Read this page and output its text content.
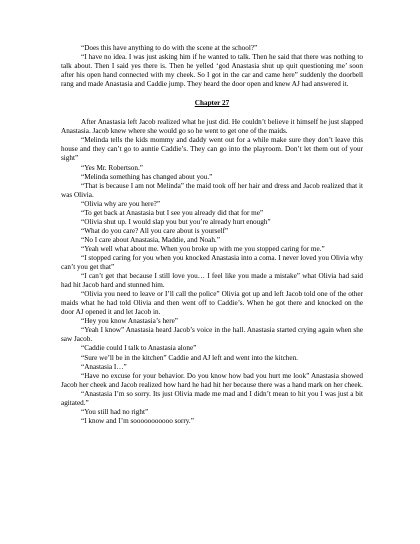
“Does this have anything to do with the scene at the school?”

“I have no idea. I was just asking him if he wanted to talk. Then he said that there was nothing to talk about. Then I said yes there is. Then he yelled ‘god Anastasia shut up quit questioning me’ soon after his open hand connected with my cheek. So I got in the car and came here” suddenly the doorbell rang and made Anastasia and Caddie jump. They heard the door open and knew AJ had answered it.

Chapter 27

After Anastasia left Jacob realized what he just did. He couldn’t believe it himself he just slapped Anastasia. Jacob knew where she would go so he went to get one of the maids.

“Melinda tells the kids mommy and daddy went out for a while make sure they don’t leave this house and they can’t go to auntie Caddie’s. They can go into the playroom. Don’t let them out of your sight”

“Yes Mr. Robertson.”

“Melinda something has changed about you.”

“That is because I am not Melinda” the maid took off her hair and dress and Jacob realized that it was Olivia.

“Olivia why are you here?”

“To get back at Anastasia but I see you already did that for me”

“Olivia shut up. I would slap you but you’re already hurt enough”

“What do you care? All you care about is yourself”

“No I care about Anastasia, Maddie, and Noah.”

“Yeah well what about me. When you broke up with me you stopped caring for me.”

“I stopped caring for you when you knocked Anastasia into a coma. I never loved you Olivia why can’t you get that”

“I can’t get that because I still love you… I feel like you made a mistake” what Olivia had said had hit Jacob hard and stunned him.

“Olivia you need to leave or I’ll call the police” Olivia got up and left Jacob told one of the other maids what he had told Olivia and then went off to Caddie’s. When he got there and knocked on the door AJ opened it and let Jacob in.

“Hey you know Anastasia’s here”

“Yeah I know” Anastasia heard Jacob’s voice in the hall. Anastasia started crying again when she saw Jacob.

“Caddie could I talk to Anastasia alone”

“Sure we’ll be in the kitchen” Caddie and AJ left and went into the kitchen.

“Anastasia I…”

“Have no excuse for your behavior. Do you know how bad you hurt me look” Anastasia showed Jacob her cheek and Jacob realized how hard he had hit her because there was a hand mark on her cheek.

“Anastasia I’m so sorry. Its just Olivia made me mad and I didn’t mean to hit you I was just a bit agitated.”

“You still had no right”

“I know and I’m sooooooooooo sorry.”
